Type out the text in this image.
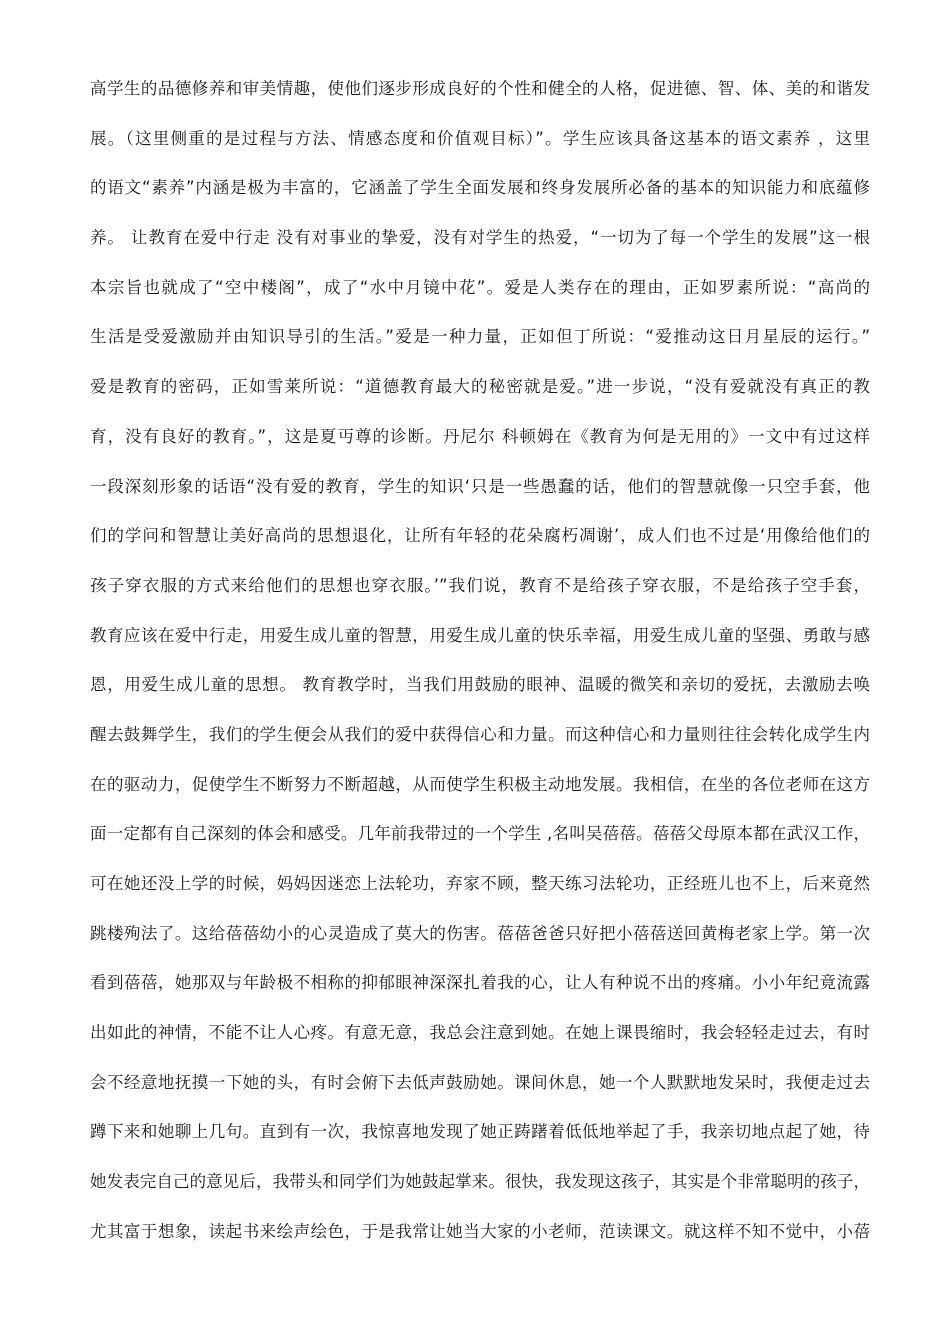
高学生的品德修养和审美情趣，使他们逐步形成良好的个性和健全的人格，促进德、智、体、美的和谐发
展。（这里侧重的是过程与方法、情感态度和价值观目标）”。学生应该具备这基本的语文素养 ，这里
的语文“素养”内涵是极为丰富的，它涵盖了学生全面发展和终身发展所必备的基本的知识能力和底蕴修
养。 让教育在爱中行走 没有对事业的挚爱，没有对学生的热爱，“一切为了每一个学生的发展”这一根
本宗旨也就成了“空中楼阁”，成了“水中月镜中花”。爱是人类存在的理由，正如罗素所说：“高尚的
生活是受爱激励并由知识导引的生活。”爱是一种力量，正如但丁所说：“爱推动这日月星辰的运行。”
爱是教育的密码，正如雪莱所说：“道德教育最大的秘密就是爱。”进一步说，“没有爱就没有真正的教
育，没有良好的教育。”，这是夏丏尊的诊断。丹尼尔 科顿姆在《教育为何是无用的》一文中有过这样
一段深刻形象的话语“没有爱的教育，学生的知识‘只是一些愚蠢的话，他们的智慧就像一只空手套，他
们的学问和智慧让美好高尚的思想退化，让所有年轻的花朵腐朽凋谢’，成人们也不过是‘用像给他们的
孩子穿衣服的方式来给他们的思想也穿衣服。’”我们说，教育不是给孩子穿衣服，不是给孩子空手套，
教育应该在爱中行走，用爱生成儿童的智慧，用爱生成儿童的快乐幸福，用爱生成儿童的坚强、勇敢与感
恩，用爱生成儿童的思想。 教育教学时，当我们用鼓励的眼神、温暖的微笑和亲切的爱抚，去激励去唤
醒去鼓舞学生，我们的学生便会从我们的爱中获得信心和力量。而这种信心和力量则往往会转化成学生内
在的驱动力，促使学生不断努力不断超越，从而使学生积极主动地发展。我相信，在坐的各位老师在这方
面一定都有自己深刻的体会和感受。几年前我带过的一个学生 ,名叫吴蓓蓓。蓓蓓父母原本都在武汉工作，
可在她还没上学的时候，妈妈因迷恋上法轮功，弃家不顾，整天练习法轮功，正经班儿也不上，后来竟然
跳楼殉法了。这给蓓蓓幼小的心灵造成了莫大的伤害。蓓蓓爸爸只好把小蓓蓓送回黄梅老家上学。第一次
看到蓓蓓，她那双与年龄极不相称的抑郁眼神深深扎着我的心，让人有种说不出的疼痛。小小年纪竟流露
出如此的神情，不能不让人心疼。有意无意，我总会注意到她。在她上课畏缩时，我会轻轻走过去，有时
会不经意地抚摸一下她的头，有时会俯下去低声鼓励她。课间休息，她一个人默默地发呆时，我便走过去
蹲下来和她聊上几句。直到有一次，我惊喜地发现了她正踌躇着低低地举起了手，我亲切地点起了她，待
她发表完自己的意见后，我带头和同学们为她鼓起掌来。很快，我发现这孩子，其实是个非常聪明的孩子，
尤其富于想象，读起书来绘声绘色，于是我常让她当大家的小老师，范读课文。就这样不知不觉中，小蓓
